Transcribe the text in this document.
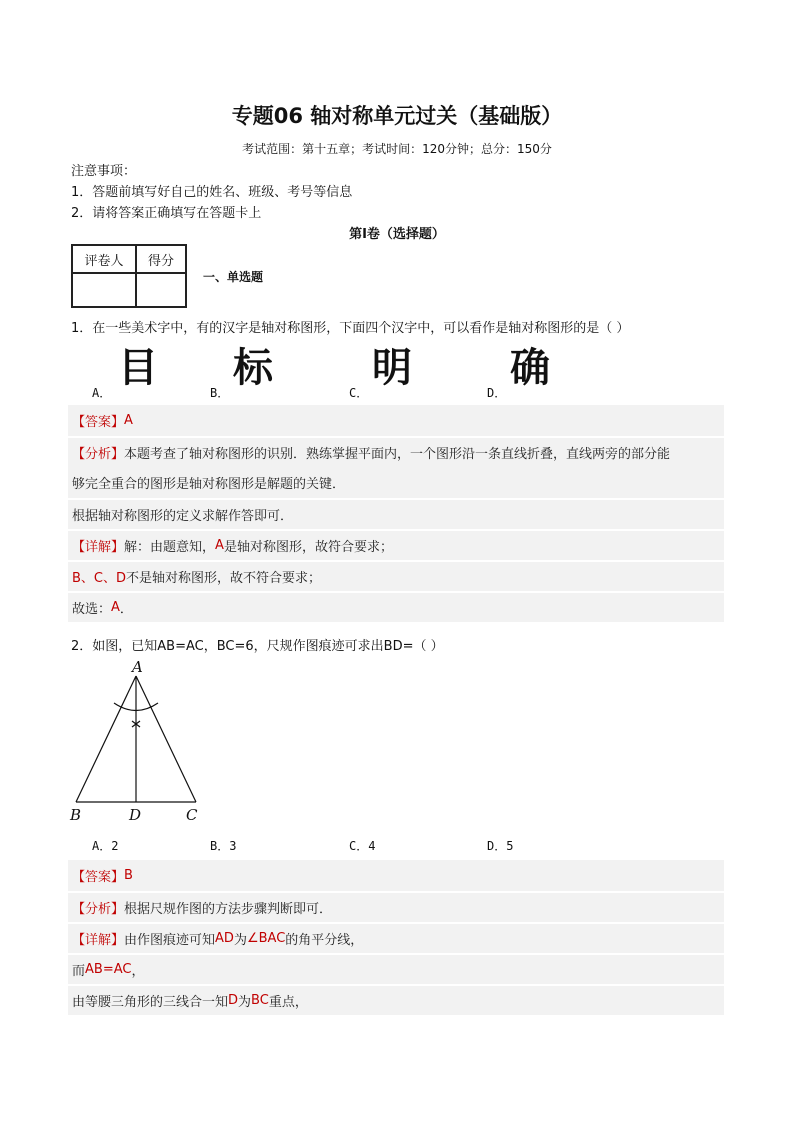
专题06 轴对称单元过关（基础版）
考试范围：第十五章；考试时间：120分钟；总分：150分
注意事项：
1．答题前填写好自己的姓名、班级、考号等信息
2．请将答案正确填写在答题卡上
第I卷（选择题）
评卷人	得分

一、单选题
1．在一些美术字中，有的汉字是轴对称图形，下面四个汉字中，可以看作是轴对称图形的是（ ）
A．
目
B．
标
C．
明
D．
确
【答案】 A
【分析】 本题考查了轴对称图形的识别．熟练掌握平面内，一个图形沿一条直线折叠，直线两旁的部分能
够完全重合的图形是轴对称图形是解题的关键．
根据轴对称图形的定义求解作答即可．
【详解】 解：由题意知， A 是轴对称图形，故符合要求；
B、C、D 不是轴对称图形，故不符合要求；
故选： A ．
2．如图，已知AB=AC，BC=6，尺规作图痕迹可求出BD=（ ）
A
B	D	C
A．2	B．3	C．4	D．5
【答案】 B
【分析】 根据尺规作图的方法步骤判断即可．
【详解】 由作图痕迹可知 AD 为 ∠BAC 的角平分线，
而 AB=AC ，
由等腰三角形的三线合一知 D 为 BC 重点，
